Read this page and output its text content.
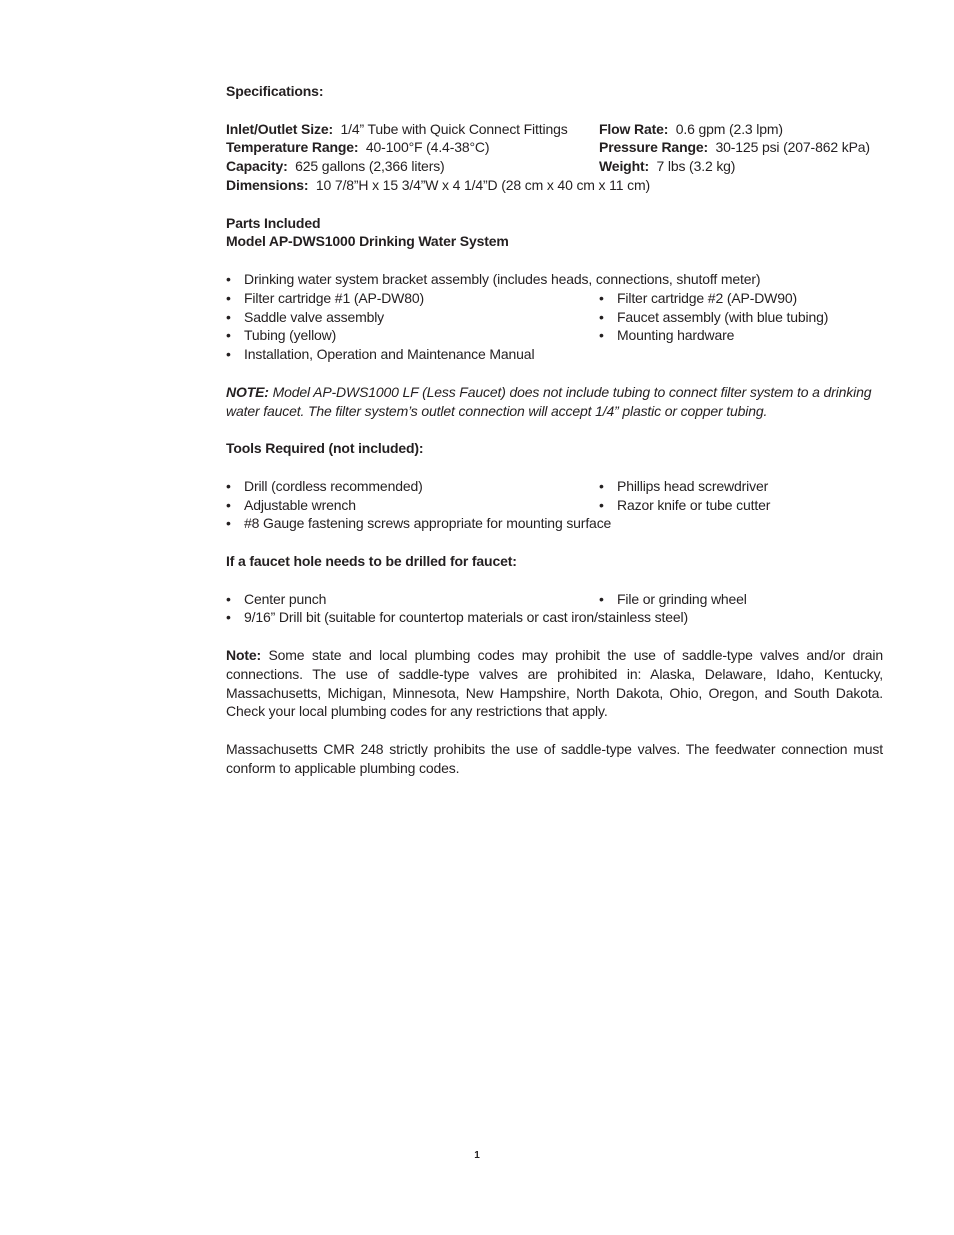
Specifications:
Inlet/Outlet Size: 1/4” Tube with Quick Connect Fittings	Flow Rate: 0.6 gpm (2.3 lpm)
Temperature Range: 40-100°F (4.4-38°C)	Pressure Range: 30-125 psi (207-862 kPa)
Capacity: 625 gallons (2,366 liters)	Weight: 7 lbs (3.2 kg)
Dimensions: 10 7/8”H x 15 3/4”W x 4 1/4”D (28 cm x 40 cm x 11 cm)
Parts Included
Model AP-DWS1000 Drinking Water System
• Drinking water system bracket assembly (includes heads, connections, shutoff meter)
• Filter cartridge #1 (AP-DW80)	• Filter cartridge #2 (AP-DW90)
• Saddle valve assembly	• Faucet assembly (with blue tubing)
• Tubing (yellow)	• Mounting hardware
• Installation, Operation and Maintenance Manual
NOTE: Model AP-DWS1000 LF (Less Faucet) does not include tubing to connect filter system to a drinking water faucet. The filter system’s outlet connection will accept 1/4” plastic or copper tubing.
Tools Required (not included):
• Drill (cordless recommended)	• Phillips head screwdriver
• Adjustable wrench	• Razor knife or tube cutter
• #8 Gauge fastening screws appropriate for mounting surface
If a faucet hole needs to be drilled for faucet:
• Center punch	• File or grinding wheel
• 9/16” Drill bit (suitable for countertop materials or cast iron/stainless steel)
Note: Some state and local plumbing codes may prohibit the use of saddle-type valves and/or drain connections. The use of saddle-type valves are prohibited in: Alaska, Delaware, Idaho, Kentucky, Massachusetts, Michigan, Minnesota, New Hampshire, North Dakota, Ohio, Oregon, and South Dakota. Check your local plumbing codes for any restrictions that apply.
Massachusetts CMR 248 strictly prohibits the use of saddle-type valves. The feedwater connection must conform to applicable plumbing codes.
1
